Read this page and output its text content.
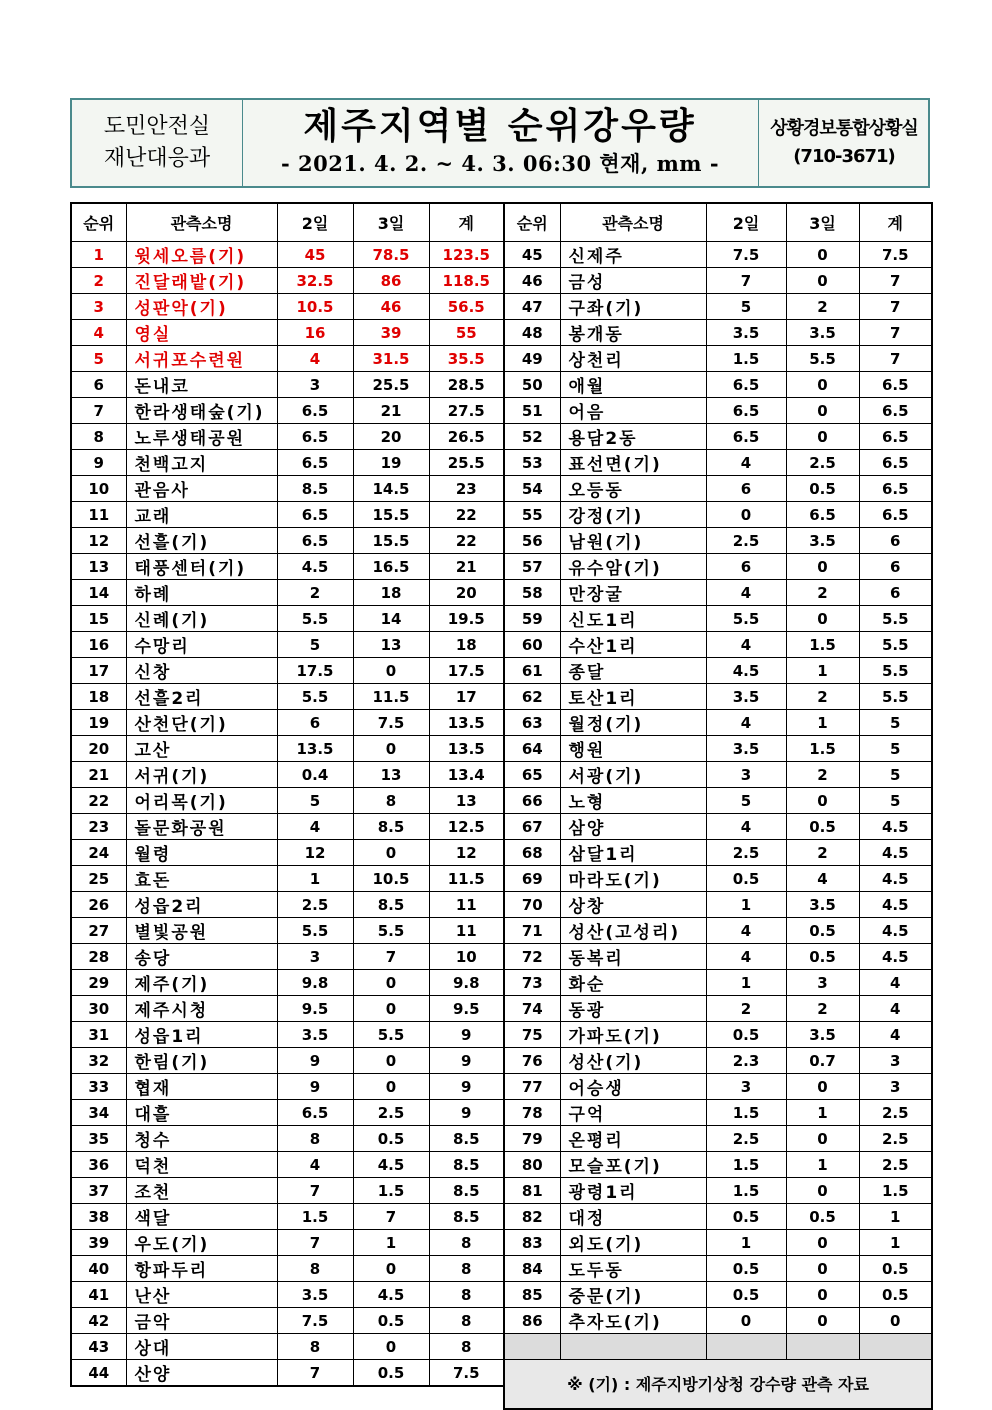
도민안전실
재난대응과
제주지역별 순위강우량
- 2021. 4. 2. ~ 4. 3. 06:30 현재, mm -
상황경보통합상황실
(710-3671)
순위	관측소명	2일	3일	계
1	윗세오름(기)	45	78.5	123.5
2	진달래밭(기)	32.5	86	118.5
3	성판악(기)	10.5	46	56.5
4	영실	16	39	55
5	서귀포수련원	4	31.5	35.5
6	돈내코	3	25.5	28.5
7	한라생태숲(기)	6.5	21	27.5
8	노루생태공원	6.5	20	26.5
9	천백고지	6.5	19	25.5
10	관음사	8.5	14.5	23
11	교래	6.5	15.5	22
12	선흘(기)	6.5	15.5	22
13	태풍센터(기)	4.5	16.5	21
14	하례	2	18	20
15	신례(기)	5.5	14	19.5
16	수망리	5	13	18
17	신창	17.5	0	17.5
18	선흘2리	5.5	11.5	17
19	산천단(기)	6	7.5	13.5
20	고산	13.5	0	13.5
21	서귀(기)	0.4	13	13.4
22	어리목(기)	5	8	13
23	돌문화공원	4	8.5	12.5
24	월령	12	0	12
25	효돈	1	10.5	11.5
26	성읍2리	2.5	8.5	11
27	별빛공원	5.5	5.5	11
28	송당	3	7	10
29	제주(기)	9.8	0	9.8
30	제주시청	9.5	0	9.5
31	성읍1리	3.5	5.5	9
32	한림(기)	9	0	9
33	협재	9	0	9
34	대흘	6.5	2.5	9
35	청수	8	0.5	8.5
36	덕천	4	4.5	8.5
37	조천	7	1.5	8.5
38	색달	1.5	7	8.5
39	우도(기)	7	1	8
40	항파두리	8	0	8
41	난산	3.5	4.5	8
42	금악	7.5	0.5	8
43	상대	8	0	8
44	산양	7	0.5	7.5
순위	관측소명	2일	3일	계
45	신제주	7.5	0	7.5
46	금성	7	0	7
47	구좌(기)	5	2	7
48	봉개동	3.5	3.5	7
49	상천리	1.5	5.5	7
50	애월	6.5	0	6.5
51	어음	6.5	0	6.5
52	용담2동	6.5	0	6.5
53	표선면(기)	4	2.5	6.5
54	오등동	6	0.5	6.5
55	강정(기)	0	6.5	6.5
56	남원(기)	2.5	3.5	6
57	유수암(기)	6	0	6
58	만장굴	4	2	6
59	신도1리	5.5	0	5.5
60	수산1리	4	1.5	5.5
61	종달	4.5	1	5.5
62	토산1리	3.5	2	5.5
63	월정(기)	4	1	5
64	행원	3.5	1.5	5
65	서광(기)	3	2	5
66	노형	5	0	5
67	삼양	4	0.5	4.5
68	삼달1리	2.5	2	4.5
69	마라도(기)	0.5	4	4.5
70	상창	1	3.5	4.5
71	성산(고성리)	4	0.5	4.5
72	동복리	4	0.5	4.5
73	화순	1	3	4
74	동광	2	2	4
75	가파도(기)	0.5	3.5	4
76	성산(기)	2.3	0.7	3
77	어승생	3	0	3
78	구억	1.5	1	2.5
79	온평리	2.5	0	2.5
80	모슬포(기)	1.5	1	2.5
81	광령1리	1.5	0	1.5
82	대정	0.5	0.5	1
83	외도(기)	1	0	1
84	도두동	0.5	0	0.5
85	중문(기)	0.5	0	0.5
86	추자도(기)	0	0	0

※ (기) : 제주지방기상청 강수량 관측 자료				
